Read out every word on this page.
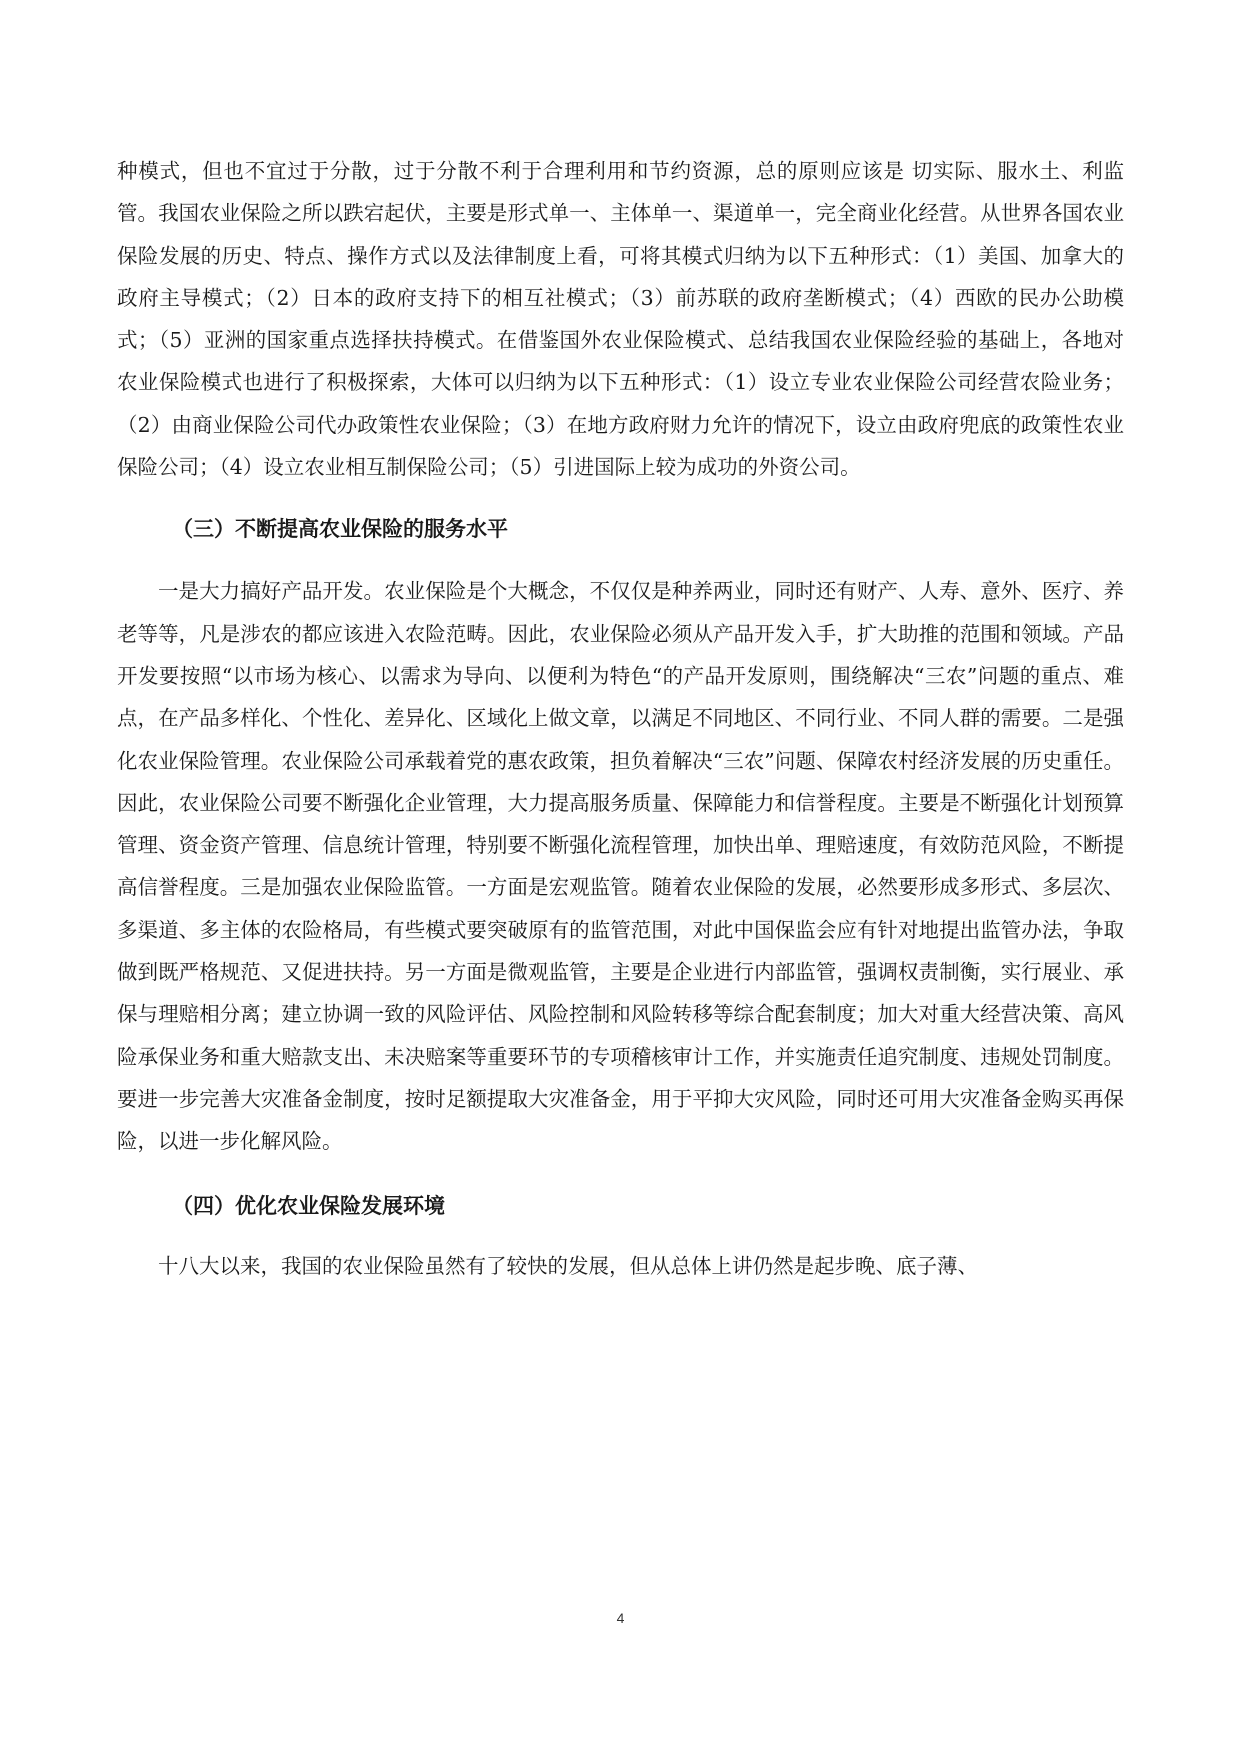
种模式，但也不宜过于分散，过于分散不利于合理利用和节约资源，总的原则应该是 切实际、服水土、利监管。我国农业保险之所以跌宕起伏，主要是形式单一、主体单一、渠道单一，完全商业化经营。从世界各国农业保险发展的历史、特点、操作方式以及法律制度上看，可将其模式归纳为以下五种形式：（1）美国、加拿大的政府主导模式；（2）日本的政府支持下的相互社模式；（3）前苏联的政府垄断模式；（4）西欧的民办公助模式；（5）亚洲的国家重点选择扶持模式。在借鉴国外农业保险模式、总结我国农业保险经验的基础上，各地对农业保险模式也进行了积极探索，大体可以归纳为以下五种形式：（1）设立专业农业保险公司经营农险业务；（2）由商业保险公司代办政策性农业保险；（3）在地方政府财力允许的情况下，设立由政府兜底的政策性农业保险公司；（4）设立农业相互制保险公司；（5）引进国际上较为成功的外资公司。

（三）不断提高农业保险的服务水平

一是大力搞好产品开发。农业保险是个大概念，不仅仅是种养两业，同时还有财产、人寿、意外、医疗、养老等等，凡是涉农的都应该进入农险范畴。因此，农业保险必须从产品开发入手，扩大助推的范围和领域。产品开发要按照“以市场为核心、以需求为导向、以便利为特色“的产品开发原则，围绕解决“三农”问题的重点、难点，在产品多样化、个性化、差异化、区域化上做文章，以满足不同地区、不同行业、不同人群的需要。二是强化农业保险管理。农业保险公司承载着党的惠农政策，担负着解决“三农”问题、保障农村经济发展的历史重任。因此，农业保险公司要不断强化企业管理，大力提高服务质量、保障能力和信誉程度。主要是不断强化计划预算管理、资金资产管理、信息统计管理，特别要不断强化流程管理，加快出单、理赔速度，有效防范风险，不断提高信誉程度。三是加强农业保险监管。一方面是宏观监管。随着农业保险的发展，必然要形成多形式、多层次、多渠道、多主体的农险格局，有些模式要突破原有的监管范围，对此中国保监会应有针对地提出监管办法，争取做到既严格规范、又促进扶持。另一方面是微观监管，主要是企业进行内部监管，强调权责制衡，实行展业、承保与理赔相分离；建立协调一致的风险评估、风险控制和风险转移等综合配套制度；加大对重大经营决策、高风险承保业务和重大赔款支出、未决赔案等重要环节的专项稽核审计工作，并实施责任追究制度、违规处罚制度。要进一步完善大灾准备金制度，按时足额提取大灾准备金，用于平抑大灾风险，同时还可用大灾准备金购买再保险，以进一步化解风险。

（四）优化农业保险发展环境

十八大以来，我国的农业保险虽然有了较快的发展，但从总体上讲仍然是起步晚、底子薄、

4
